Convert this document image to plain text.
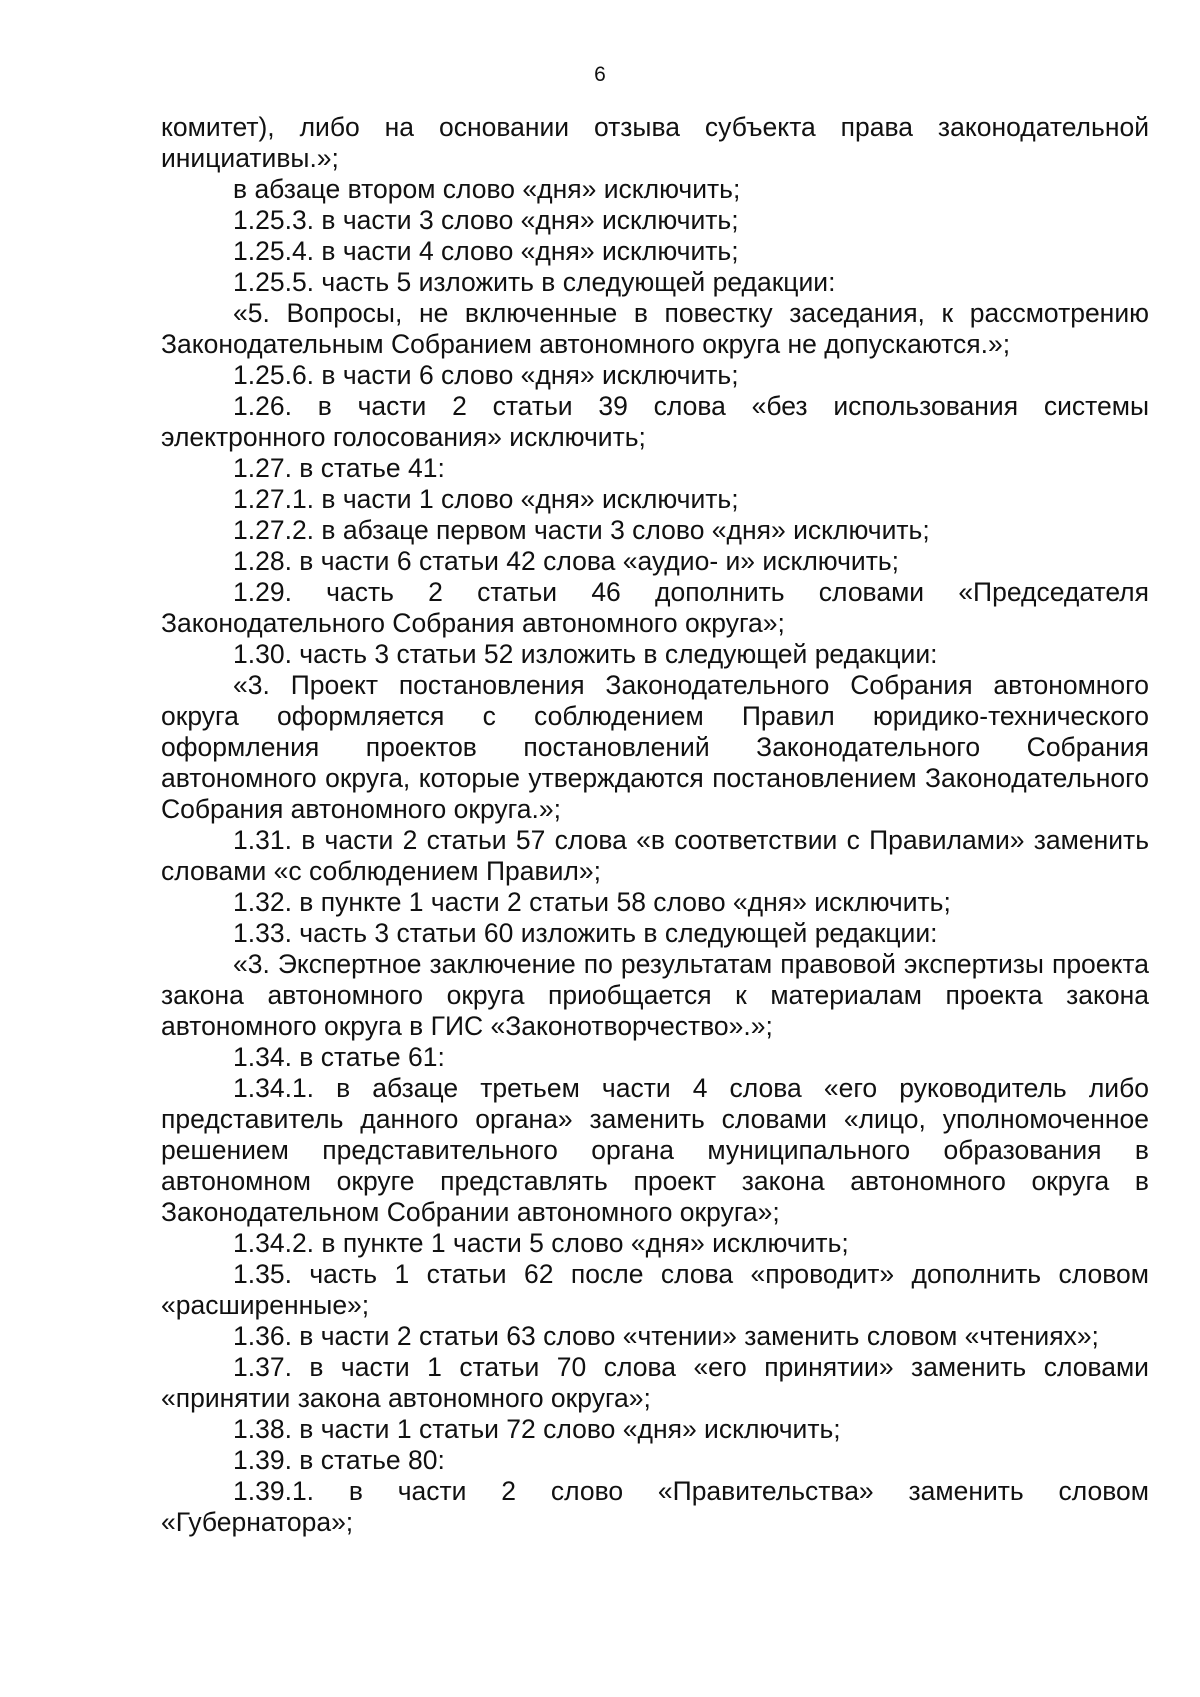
6

комитет), либо на основании отзыва субъекта права законодательной инициативы.»;

в абзаце втором слово «дня» исключить;

1.25.3. в части 3 слово «дня» исключить;

1.25.4. в части 4 слово «дня» исключить;

1.25.5. часть 5 изложить в следующей редакции:

«5. Вопросы, не включенные в повестку заседания, к рассмотрению Законодательным Собранием автономного округа не допускаются.»;

1.25.6. в части 6 слово «дня» исключить;

1.26. в части 2 статьи 39 слова «без использования системы электронного голосования» исключить;

1.27. в статье 41:

1.27.1. в части 1 слово «дня» исключить;

1.27.2. в абзаце первом части 3 слово «дня» исключить;

1.28. в части 6 статьи 42 слова «аудио- и» исключить;

1.29. часть 2 статьи 46 дополнить словами «Председателя Законодательного Собрания автономного округа»;

1.30. часть 3 статьи 52 изложить в следующей редакции:

«3. Проект постановления Законодательного Собрания автономного округа оформляется с соблюдением Правил юридико-технического оформления проектов постановлений Законодательного Собрания автономного округа, которые утверждаются постановлением Законодательного Собрания автономного округа.»;

1.31. в части 2 статьи 57 слова «в соответствии с Правилами» заменить словами «с соблюдением Правил»;

1.32. в пункте 1 части 2 статьи 58 слово «дня» исключить;

1.33. часть 3 статьи 60 изложить в следующей редакции:

«3. Экспертное заключение по результатам правовой экспертизы проекта закона автономного округа приобщается к материалам проекта закона автономного округа в ГИС «Законотворчество».»;

1.34. в статье 61:

1.34.1. в абзаце третьем части 4 слова «его руководитель либо представитель данного органа» заменить словами «лицо, уполномоченное решением представительного органа муниципального образования в автономном округе представлять проект закона автономного округа в Законодательном Собрании автономного округа»;

1.34.2. в пункте 1 части 5 слово «дня» исключить;

1.35. часть 1 статьи 62 после слова «проводит» дополнить словом «расширенные»;

1.36. в части 2 статьи 63 слово «чтении» заменить словом «чтениях»;

1.37. в части 1 статьи 70 слова «его принятии» заменить словами «принятии закона автономного округа»;

1.38. в части 1 статьи 72 слово «дня» исключить;

1.39. в статье 80:

1.39.1. в части 2 слово «Правительства» заменить словом «Губернатора»;
